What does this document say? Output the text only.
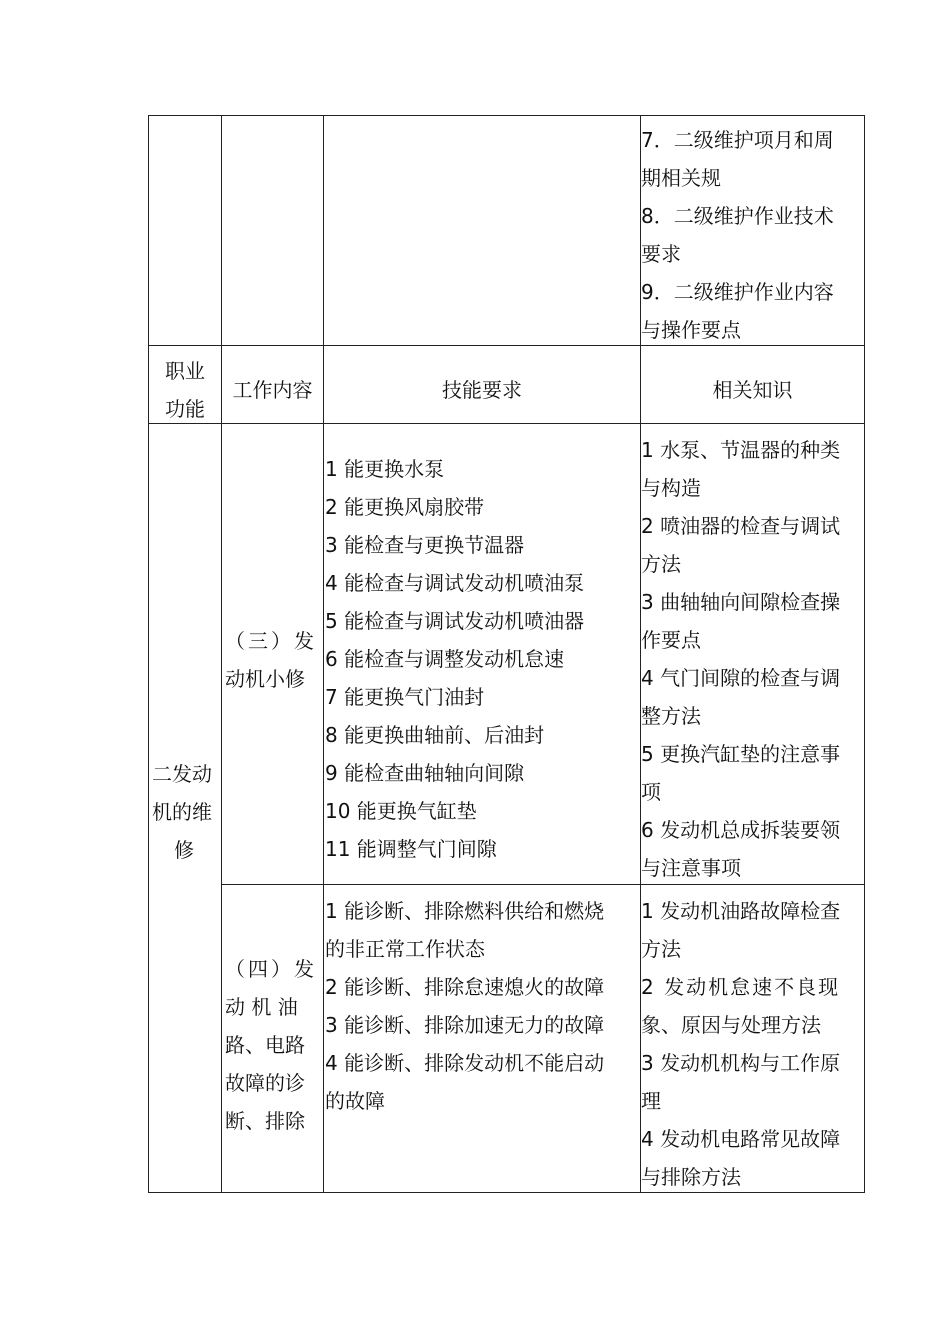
7．二级维护项月和周
期相关规
8．二级维护作业技术
要求
9．二级维护作业内容
与操作要点
职业
功能
工作内容	技能要求	相关知识
二发动
机的维
修
（三）发
动机小修
1 能更换水泵
2 能更换风扇胶带
3 能检查与更换节温器
4 能检查与调试发动机喷油泵
5 能检查与调试发动机喷油器
6 能检查与调整发动机怠速
7 能更换气门油封
8 能更换曲轴前、后油封
9 能检查曲轴轴向间隙
10 能更换气缸垫
11 能调整气门间隙
1 水泵、节温器的种类
与构造
2 喷油器的检查与调试
方法
3 曲轴轴向间隙检查操
作要点
4 气门间隙的检查与调
整方法
5 更换汽缸垫的注意事
项
6 发动机总成拆装要领
与注意事项
（四）发
动 机 油
路、电路
故障的诊
断、排除
1 能诊断、排除燃料供给和燃烧
的非正常工作状态
2 能诊断、排除怠速熄火的故障
3 能诊断、排除加速无力的故障
4 能诊断、排除发动机不能启动
的故障
1 发动机油路故障检查
方法
2 发动机怠速不良现
象、原因与处理方法
3 发动机机构与工作原
理
4 发动机电路常见故障
与排除方法
